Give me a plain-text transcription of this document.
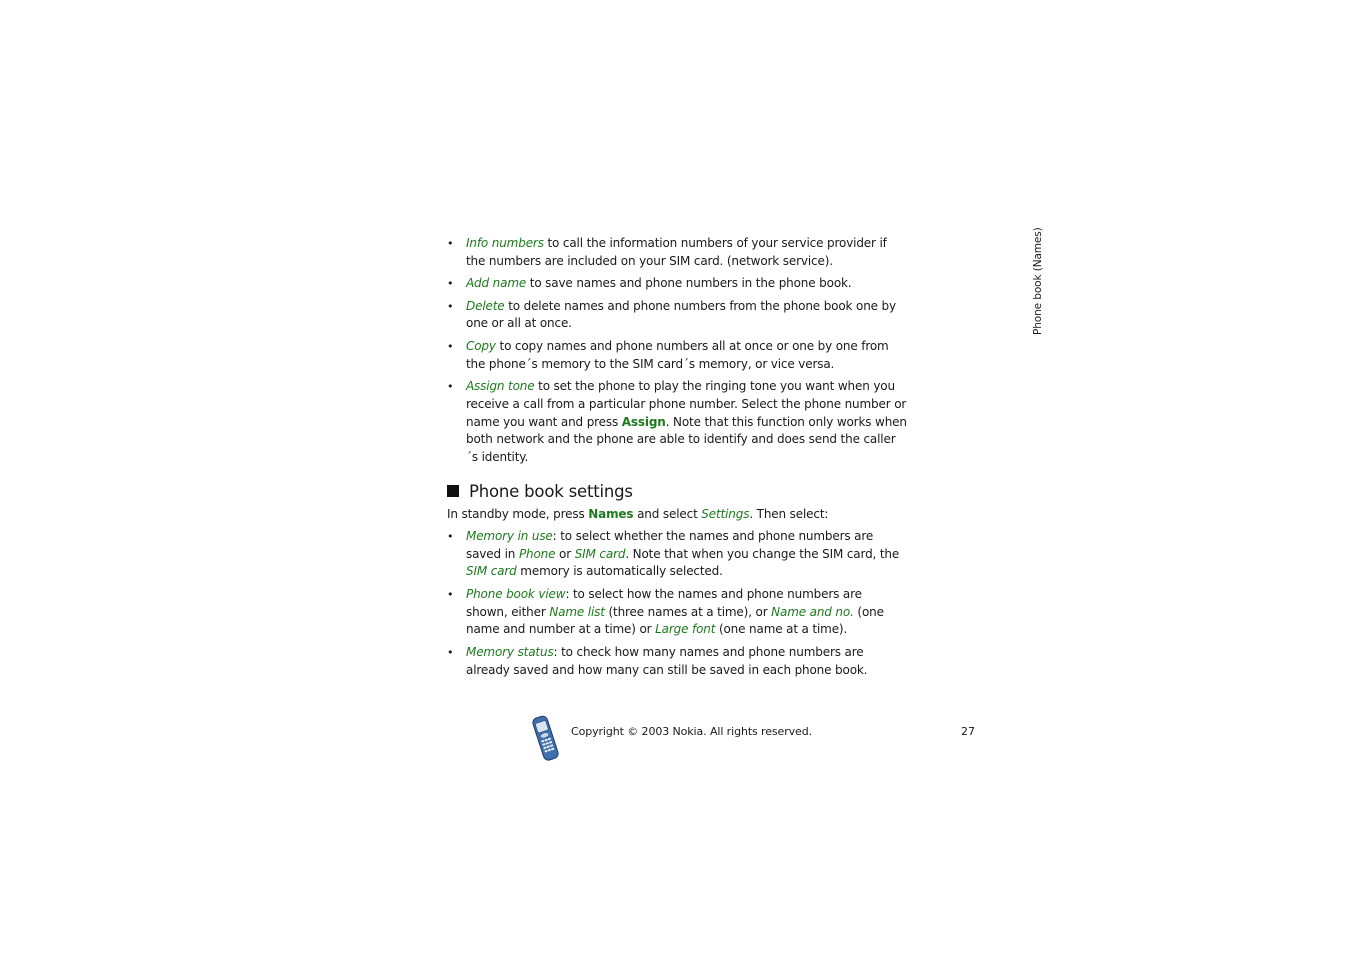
Phone book (Names)
• Info numbers to call the information numbers of your service provider if the numbers are included on your SIM card. (network service).
• Add name to save names and phone numbers in the phone book.
• Delete to delete names and phone numbers from the phone book one by one or all at once.
• Copy to copy names and phone numbers all at once or one by one from the phone´s memory to the SIM card´s memory, or vice versa.
• Assign tone to set the phone to play the ringing tone you want when you receive a call from a particular phone number. Select the phone number or name you want and press Assign. Note that this function only works when both network and the phone are able to identify and does send the caller´s identity.
Phone book settings

In standby mode, press Names and select Settings. Then select:

• Memory in use: to select whether the names and phone numbers are saved in Phone or SIM card. Note that when you change the SIM card, the SIM card memory is automatically selected.
• Phone book view: to select how the names and phone numbers are shown, either Name list (three names at a time), or Name and no. (one name and number at a time) or Large font (one name at a time).
• Memory status: to check how many names and phone numbers are already saved and how many can still be saved in each phone book.
Copyright © 2003 Nokia. All rights reserved.	27
